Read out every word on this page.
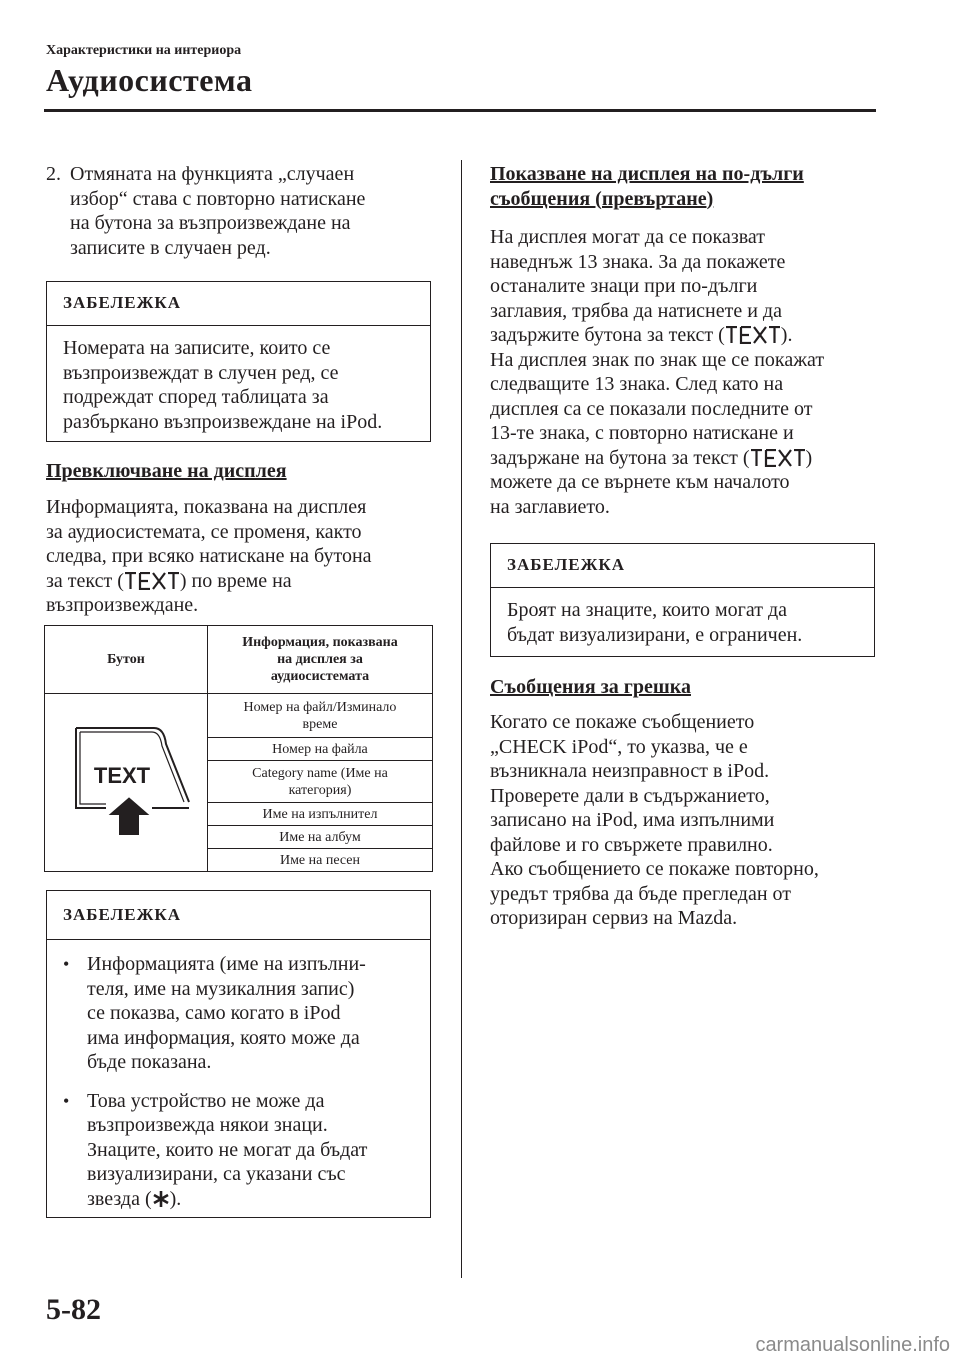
Характеристики на интериора
Аудиосистема
2. Отмяната на функцията „случаен
избор“ става с повторно натискане
на бутона за възпроизвеждане на
записите в случаен ред.
ЗАБЕЛЕЖКА
Номерата на записите, които се
възпроизвеждат в случен ред, се
подреждат според таблицата за
разбъркано възпроизвеждане на iPod.
Превключване на дисплея
Информацията, показвана на дисплея
за аудиосистемата, се променя, както
следва, при всяко натискане на бутона
за текст (	) по време на
възпроизвеждане.
Бутон	Информация, показвана
на дисплея за
аудиосистемата

TEXT	Номер на файл/Изминало
време

	Номер на файла

	Category name (Име на
категория)

	Име на изпълнител
	Име на албум
	Име на песен
ЗАБЕЛЕЖКА
• Информацията (име на изпълни-
теля, име на музикалния запис)
се показва, само когато в iPod
има информация, която може да
бъде показана.
• Това устройство не може да
възпроизвежда някои знаци.
Знаците, които не могат да бъдат
визуализирани, са указани със
звезда ( ).
Показване на дисплея на по-дълги
съобщения (превъртане)
На дисплея могат да се показват
наведнъж 13 знака. За да покажете
останалите знаци при по-дълги
заглавия, трябва да натиснете и да
задържите бутона за текст (	).
На дисплея знак по знак ще се покажат
следващите 13 знака. След като на
дисплея са се показали последните от
13-те знака, с повторно натискане и
задържане на бутона за текст (	)
можете да се върнете към началото
на заглавието.
ЗАБЕЛЕЖКА
Броят на знаците, които могат да
бъдат визуализирани, е ограничен.
Съобщения за грешка
Когато се покаже съобщението
„CHECK iPod“, то указва, че е
възникнала неизправност в iPod.
Проверете дали в съдържанието,
записано на iPod, има изпълними
файлове и го свържете правилно.
Ако съобщението се покаже повторно,
уредът трябва да бъде прегледан от
оторизиран сервиз на Mazda.
5-82
carmanualsonline.info
